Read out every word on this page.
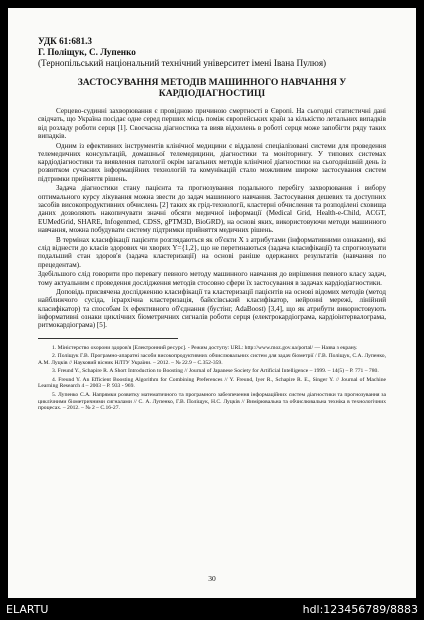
УДК 61:681.3
Г. Поліщук, С. Лупенко
(Тернопільський національний технічний університет імені Івана Пулюя)
ЗАСТОСУВАННЯ МЕТОДІВ МАШИННОГО НАВЧАННЯ У КАРДІОДІАГНОСТИЦІ

Серцево-судинні захворювання є провідною причиною смертності в Європі. На сьогодні статистичні дані свідчать, що Україна посідає одне серед перших місць поміж європейських країн за кількістю летальних випадків від розладу роботи серця [1]. Своєчасна діагностика та вияв відхилень в роботі серця може запобігти ряду таких випадків.

Одним із ефективних інструментів клінічної медицини є віддалені спеціалізовані системи для проведення телемедичних консультацій, домашньої телемедицини, діагностики та моніторингу. У типових системах кардіодіагностики та виявлення патології окрім загальних методів клінічної діагностики на сьогоднішній день із розвитком сучасних інформаційних технологій та комунікацій стало можливим широке застосування систем підтримки прийняття рішень.

Задача діагностики стану пацієнта та прогнозування подального перебігу захворювання і вибору оптимального курсу лікування можна звести до задач машинного навчання. Застосування дешевих та доступних засобів високопродуктивних обчислень [2] таких як грід-технології, кластерні обчислення та розподілені сховища даних дозволяють накопичувати значні обсяги медичної інформації (Medical Grid, Health-e-Child, ACGT, EUMedGrid, SHARE, Infogenmed, CDSS, gPTM3D, BioGRD), на основі яких, використовуючи методи машинного навчання, можна побудувати систему підтримки прийняття медичних рішень.

В термінах класифікації пацієнти розглядаються як об'єкти X з атрибутами (інформативними ознаками), які слід віднести до класів здорових чи хворих Y={1,2}, що не перетинаються (задача класифікації) та спрогнозувати подальший стан здоров'я (задача кластеризації) на основі раніше одержаних результатів (навчання по прецедентам).

Здебільшого слід говорити про перевагу певного методу машинного навчання до вирішення певного класу задач, тому актуальним є проведення дослідження методів стосовно сфери їх застосування в задачах кардіодіагностики.

Доповідь присвячена дослідженню класифікації та кластеризації пацієнтів на основі відомих методів (метод найближчого сусіда, ієрархічна кластеризація, байєсівський класифікатор, нейронні мережі, лінійний класифікатор) та способам їх ефективного об'єднання (бустінг, AdaBoost) [3,4], що як атрибути використовують інформативні ознаки циклічних біометричних сигналів роботи серця (електрокардіограма, кардіоінтервалограма, ритмокардіограма) [5].

1. Міністерство охорони здоров'я [Електронний ресурс]. - Режим доступу: URL: http://www.moz.gov.ua/portal/ — Назва з екрану.
2. Поліщук Г.В. Програмно-апаратні засоби високопродуктивних обчислювальних систем для задач біометрії / Г.В. Поліщук, С.А. Лупенко, А.М. Луцків // Науковий вісник НЛТУ України. – 2012. – № 22.9 – С.352-359.
3. Freund Y., Schapire R. A Short Introduction to Boosting // Journal of Japanese Society for Artificial Intelligence – 1999. – 14(5) – P. 771 – 780.
4. Freund Y. An Efficient Boosting Algorithm for Combining Preferences // Y. Freund, Iyer R., Schapire R. E., Singer Y. // Journal of Machine Learning Research 4 – 2003 – P. 933 - 969.
5. Лупенко С.А. Напрямки розвитку математичного та програмного забезпечення інформаційних систем діагностики та прогнозування за циклічними біометричними сигналами // С. А. Лупенко, Г.В. Поліщук, Н.С. Луцків // Вимірювальна та обчислювальна техніка в технологічних процесах. – 2012. – № 2 – С.16-27.
30
ELARTU	hdl:123456789/8883
